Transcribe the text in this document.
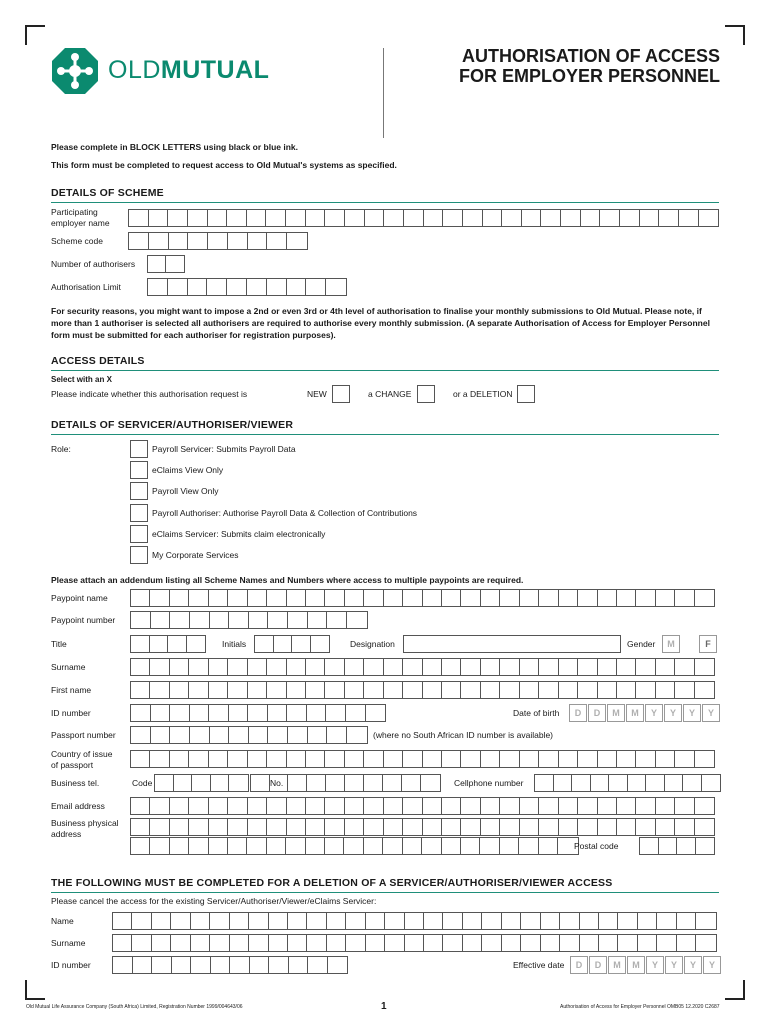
OLDMUTUAL	AUTHORISATION OF ACCESS
FOR EMPLOYER PERSONNEL
Please complete in BLOCK LETTERS using black or blue ink.
This form must be completed to request access to Old Mutual's systems as specified.
DETAILS OF SCHEME
Participating
employer name
Scheme code
Number of authorisers
Authorisation Limit
For security reasons, you might want to impose a 2nd or even 3rd or 4th level of authorisation to finalise your monthly submissions to Old Mutual. Please note, if
more than 1 authoriser is selected all authorisers are required to authorise every monthly submission. (A separate Authorisation of Access for Employer Personnel
form must be submitted for each authoriser for registration purposes).
ACCESS DETAILS
Select with an X
Please indicate whether this authorisation request is	NEW	a CHANGE	or a DELETION
DETAILS OF SERVICER/AUTHORISER/VIEWER
Role:	Payroll Servicer: Submits Payroll Data
eClaims View Only
Payroll View Only
Payroll Authoriser: Authorise Payroll Data & Collection of Contributions
eClaims Servicer: Submits claim electronically
My Corporate Services
Please attach an addendum listing all Scheme Names and Numbers where access to multiple paypoints are required.
Paypoint name
Paypoint number
Title	Initials	Designation	Gender	M	F
Surname
First name
ID number	Date of birth	D	D	M	M	Y	Y	Y	Y
Passport number	(where no South African ID number is available)
Country of issue
of passport
Business tel.	Code	No.	Cellphone number
Email address
Business physical
address
Postal code
THE FOLLOWING MUST BE COMPLETED FOR A DELETION OF A SERVICER/AUTHORISER/VIEWER ACCESS
Please cancel the access for the existing Servicer/Authoriser/Viewer/eClaims Servicer:
Name
Surname
ID number	Effective date	D	D	M	M	Y	Y	Y	Y
Old Mutual Life Assurance Company (South Africa) Limited, Registration Number 1999/004643/06	1	Authorisation of Access for Employer Personnel OMB05 12.2020 C2687
